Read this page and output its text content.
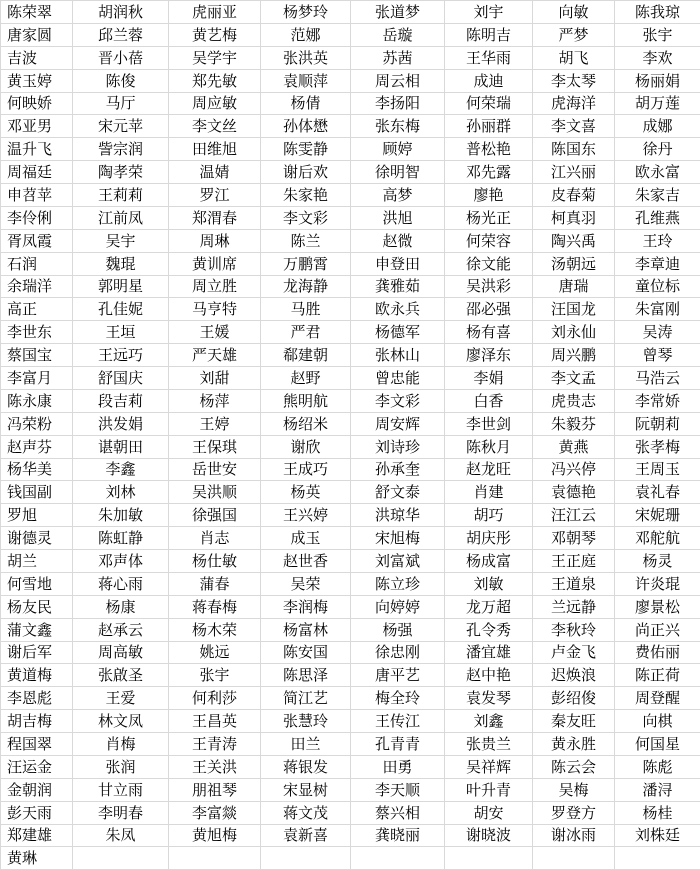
陈荣翠	胡润秋	虎丽亚	杨梦玲	张道梦	刘宇	向敏	陈我琼
唐家圆	邱兰蓉	黄艺梅	范娜	岳璇	陈明吉	严梦	张宇
吉波	晋小蓓	吴学宇	张洪英	苏茜	王华雨	胡飞	李欢
黄玉婷	陈俊	郑先敏	袁顺萍	周云相	成迪	李太琴	杨丽娟
何映娇	马厅	周应敏	杨倩	李扬阳	何荣瑞	虎海洋	胡万莲
邓亚男	宋元苹	李文丝	孙体懋	张东梅	孙丽群	李文喜	成娜
温升飞	訾宗润	田维旭	陈雯静	顾婷	普松艳	陈国东	徐丹
周福廷	陶孝荣	温婧	谢后欢	徐明智	邓先露	江兴丽	欧永富
申苕苹	王莉莉	罗江	朱家艳	高梦	廖艳	皮春菊	朱家吉
李伶俐	江前凤	郑渭春	李文彩	洪旭	杨光正	柯真羽	孔维燕
胥凤霞	吴宇	周琳	陈兰	赵微	何荣容	陶兴禹	王玲
石润	魏琨	黄训席	万鹏霄	申登田	徐文能	汤朝远	李章迪
余瑞洋	郭明星	周立胜	龙海静	龚雅茹	吴洪彩	唐瑞	童位标
高正	孔佳妮	马亨特	马胜	欧永兵	邵必强	汪国龙	朱富刚
李世东	王垣	王媛	严君	杨德军	杨有喜	刘永仙	吴涛
蔡国宝	王远巧	严天雄	郗建朝	张林山	廖泽东	周兴鹏	曾琴
李富月	舒国庆	刘甜	赵野	曾忠能	李娟	李文孟	马浩云
陈永康	段吉莉	杨萍	熊明航	李文彩	白香	虎贵志	李常娇
冯荣粉	洪发娟	王婷	杨绍米	周安辉	李世剑	朱毅芬	阮朝莉
赵声芬	谌朝田	王保琪	谢欣	刘诗珍	陈秋月	黄燕	张孝梅
杨华美	李鑫	岳世安	王成巧	孙承奎	赵龙旺	冯兴停	王周玉
钱国副	刘林	吴洪顺	杨英	舒文泰	肖建	袁德艳	袁礼春
罗旭	朱加敏	徐强国	王兴婷	洪琼华	胡巧	汪江云	宋妮珊
谢德灵	陈虹静	肖志	成玉	宋旭梅	胡庆彤	邓朝琴	邓舵航
胡兰	邓声体	杨仕敏	赵世香	刘富斌	杨成富	王正庭	杨灵
何雪地	蒋心雨	蒲春	吴荣	陈立珍	刘敏	王道泉	许炎琨
杨友民	杨康	蒋春梅	李润梅	向婷婷	龙万超	兰远静	廖景松
蒲文鑫	赵承云	杨木荣	杨富林	杨强	孔令秀	李秋玲	尚正兴
谢后军	周高敏	姚远	陈安国	徐忠刚	潘宜雄	卢金飞	费佑丽
黄道梅	张啟圣	张宇	陈思泽	唐平艺	赵中艳	迟焕浪	陈正荷
李恩彪	王爱	何利莎	简江艺	梅全玲	袁发琴	彭绍俊	周登醒
胡吉梅	林文凤	王昌英	张慧玲	王传江	刘鑫	秦友旺	向棋
程国翠	肖梅	王青涛	田兰	孔青青	张贵兰	黄永胜	何国星
汪运金	张润	王关洪	蒋银发	田勇	吴祥辉	陈云会	陈彪
金朝润	甘立雨	朋祖琴	宋显树	李天顺	叶升青	吴梅	潘浔
彭天雨	李明春	李富燚	蒋文茂	蔡兴相	胡安	罗登方	杨桂
郑建雄	朱凤	黄旭梅	袁新喜	龚晓丽	谢晓波	谢冰雨	刘株廷
黄琳							
